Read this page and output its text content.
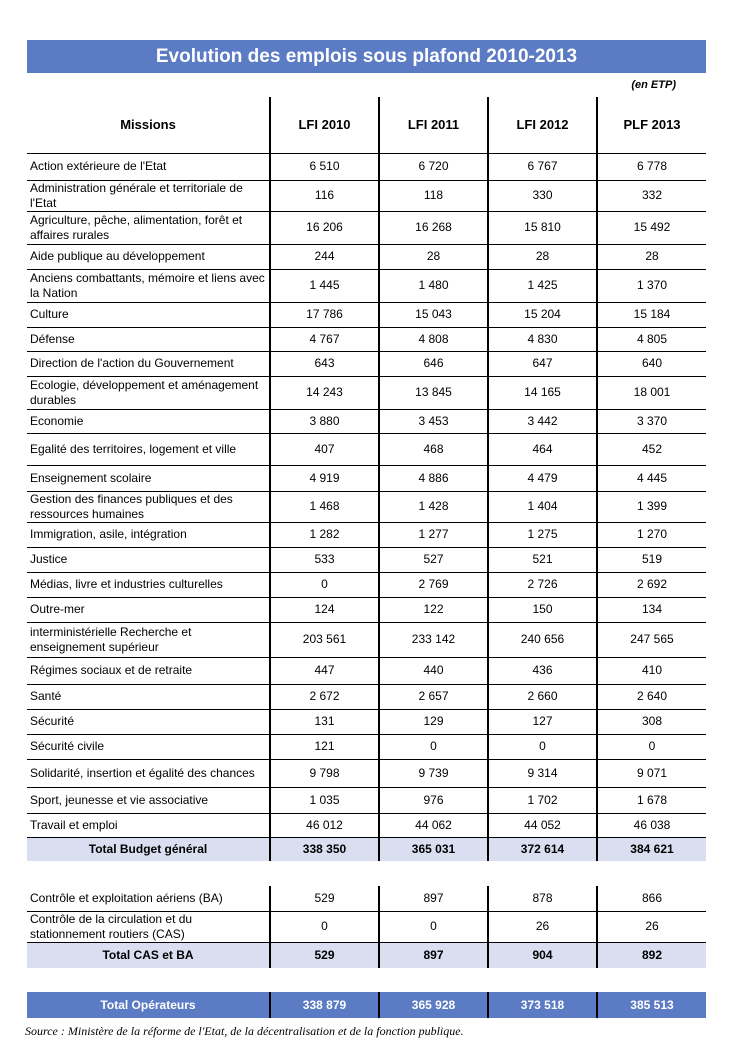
Evolution des emplois sous plafond 2010-2013
(en ETP)
Missions	LFI 2010	LFI 2011	LFI 2012	PLF 2013
Action extérieure de l'Etat	6 510	6 720	6 767	6 778
Administration générale et territoriale de l'Etat	116	118	330	332
Agriculture, pêche, alimentation, forêt et affaires rurales	16 206	16 268	15 810	15 492
Aide publique au développement	244	28	28	28
Anciens combattants, mémoire et liens avec la Nation	1 445	1 480	1 425	1 370
Culture	17 786	15 043	15 204	15 184
Défense	4 767	4 808	4 830	4 805
Direction de l'action du Gouvernement	643	646	647	640
Ecologie, développement et aménagement durables	14 243	13 845	14 165	18 001
Economie	3 880	3 453	3 442	3 370
Egalité des territoires, logement et ville	407	468	464	452
Enseignement scolaire	4 919	4 886	4 479	4 445
Gestion des finances publiques et des ressources humaines	1 468	1 428	1 404	1 399
Immigration, asile, intégration	1 282	1 277	1 275	1 270
Justice	533	527	521	519
Médias, livre et industries culturelles	0	2 769	2 726	2 692
Outre-mer	124	122	150	134
interministérielle Recherche et enseignement supérieur	203 561	233 142	240 656	247 565
Régimes sociaux et de retraite	447	440	436	410
Santé	2 672	2 657	2 660	2 640
Sécurité	131	129	127	308
Sécurité civile	121	0	0	0
Solidarité, insertion et égalité des chances	9 798	9 739	9 314	9 071
Sport, jeunesse et vie associative	1 035	976	1 702	1 678
Travail et emploi	46 012	44 062	44 052	46 038
Total Budget général	338 350	365 031	372 614	384 621
Contrôle et exploitation aériens (BA)	529	897	878	866
Contrôle de la circulation et du stationnement routiers (CAS)	0	0	26	26
Total CAS et BA	529	897	904	892
Total Opérateurs	338 879	365 928	373 518	385 513
Source : Ministère de la réforme de l'Etat, de la décentralisation et de la fonction publique.
